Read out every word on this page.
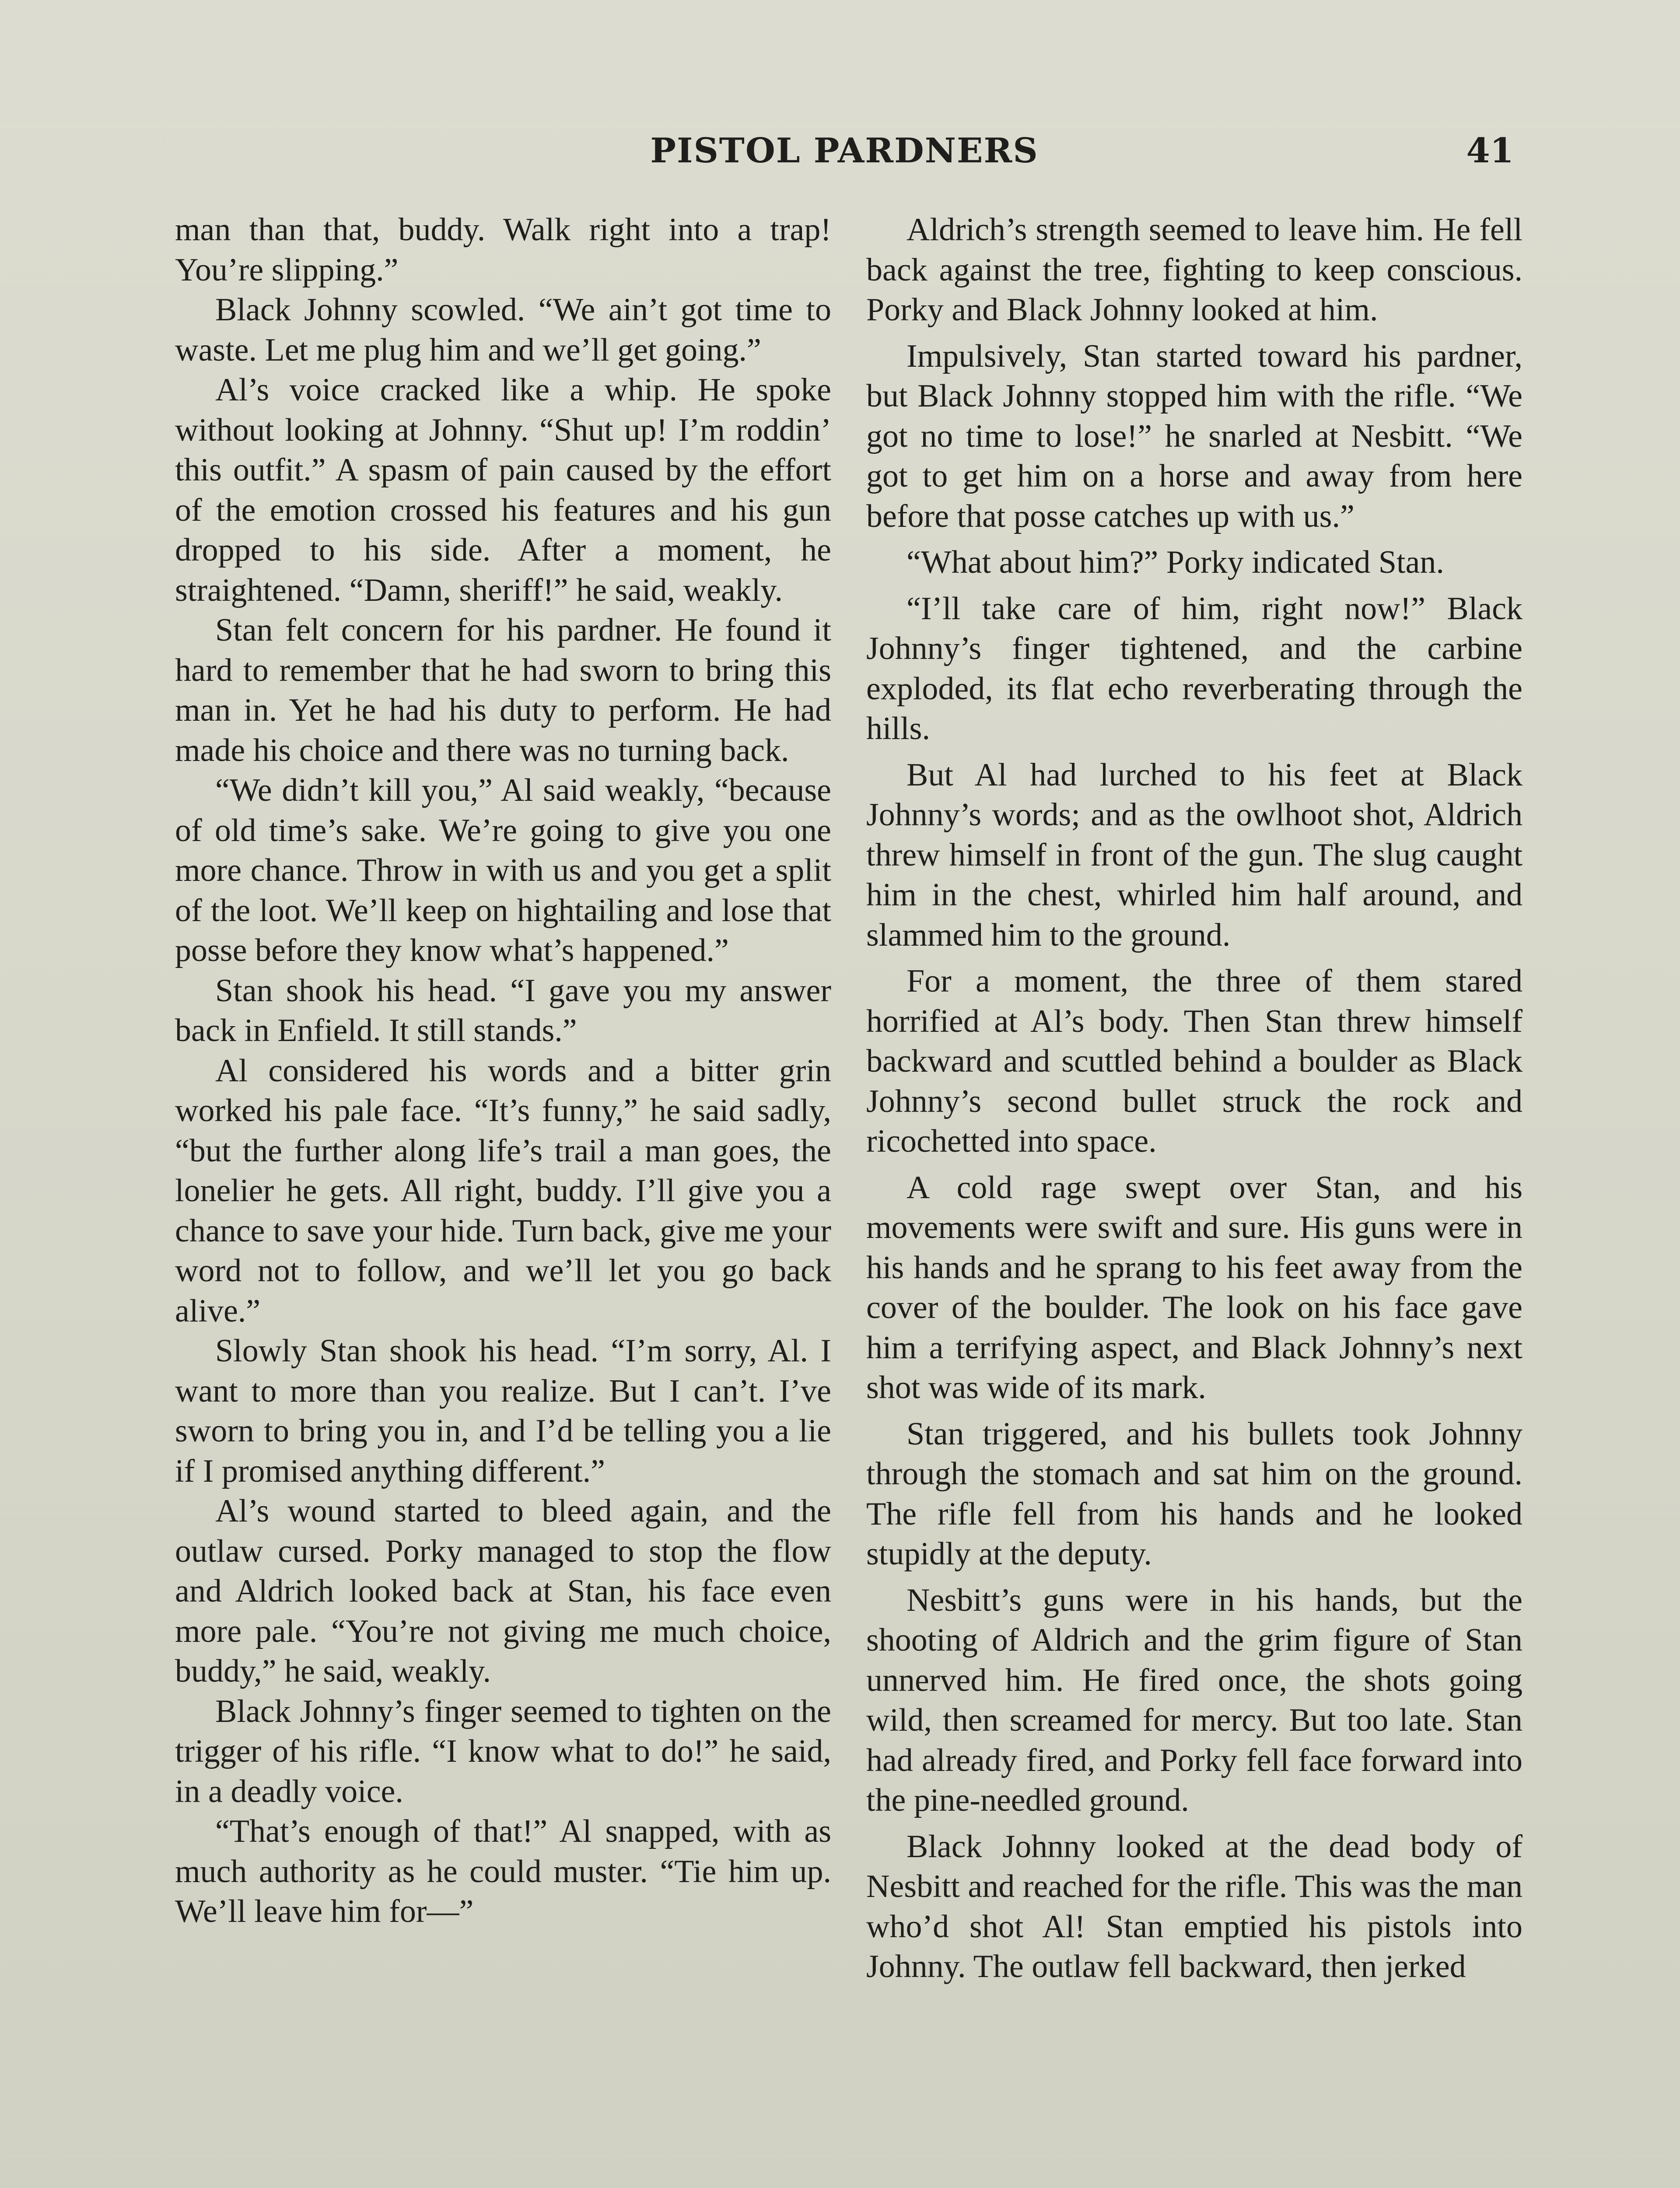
PISTOL PARDNERS	41

man than that, buddy. Walk right into a trap! You’re slipping.”

Black Johnny scowled. “We ain’t got time to waste. Let me plug him and we’ll get going.”

Al’s voice cracked like a whip. He spoke without looking at Johnny. “Shut up! I’m roddin’ this outfit.” A spasm of pain caused by the effort of the emotion crossed his features and his gun dropped to his side. After a moment, he straightened. “Damn, sheriff!” he said, weakly.

Stan felt concern for his pardner. He found it hard to remember that he had sworn to bring this man in. Yet he had his duty to perform. He had made his choice and there was no turning back.

“We didn’t kill you,” Al said weakly, “because of old time’s sake. We’re going to give you one more chance. Throw in with us and you get a split of the loot. We’ll keep on hightailing and lose that posse before they know what’s happened.”

Stan shook his head. “I gave you my answer back in Enfield. It still stands.”

Al considered his words and a bitter grin worked his pale face. “It’s funny,” he said sadly, “but the further along life’s trail a man goes, the lonelier he gets. All right, buddy. I’ll give you a chance to save your hide. Turn back, give me your word not to follow, and we’ll let you go back alive.”

Slowly Stan shook his head. “I’m sorry, Al. I want to more than you realize. But I can’t. I’ve sworn to bring you in, and I’d be telling you a lie if I promised anything different.”

Al’s wound started to bleed again, and the outlaw cursed. Porky managed to stop the flow and Aldrich looked back at Stan, his face even more pale. “You’re not giving me much choice, buddy,” he said, weakly.

Black Johnny’s finger seemed to tighten on the trigger of his rifle. “I know what to do!” he said, in a deadly voice.

“That’s enough of that!” Al snapped, with as much authority as he could muster. “Tie him up. We’ll leave him for—”

Aldrich’s strength seemed to leave him. He fell back against the tree, fighting to keep conscious. Porky and Black Johnny looked at him.

Impulsively, Stan started toward his pardner, but Black Johnny stopped him with the rifle. “We got no time to lose!” he snarled at Nesbitt. “We got to get him on a horse and away from here before that posse catches up with us.”

“What about him?” Porky indicated Stan.

“I’ll take care of him, right now!” Black Johnny’s finger tightened, and the carbine exploded, its flat echo reverberating through the hills.

But Al had lurched to his feet at Black Johnny’s words; and as the owlhoot shot, Aldrich threw himself in front of the gun. The slug caught him in the chest, whirled him half around, and slammed him to the ground.

For a moment, the three of them stared horrified at Al’s body. Then Stan threw himself backward and scuttled behind a boulder as Black Johnny’s second bullet struck the rock and ricochetted into space.

A cold rage swept over Stan, and his movements were swift and sure. His guns were in his hands and he sprang to his feet away from the cover of the boulder. The look on his face gave him a terrifying aspect, and Black Johnny’s next shot was wide of its mark.

Stan triggered, and his bullets took Johnny through the stomach and sat him on the ground. The rifle fell from his hands and he looked stupidly at the deputy.

Nesbitt’s guns were in his hands, but the shooting of Aldrich and the grim figure of Stan unnerved him. He fired once, the shots going wild, then screamed for mercy. But too late. Stan had already fired, and Porky fell face forward into the pine-needled ground.

Black Johnny looked at the dead body of Nesbitt and reached for the rifle. This was the man who’d shot Al! Stan emptied his pistols into Johnny. The outlaw fell backward, then jerked
